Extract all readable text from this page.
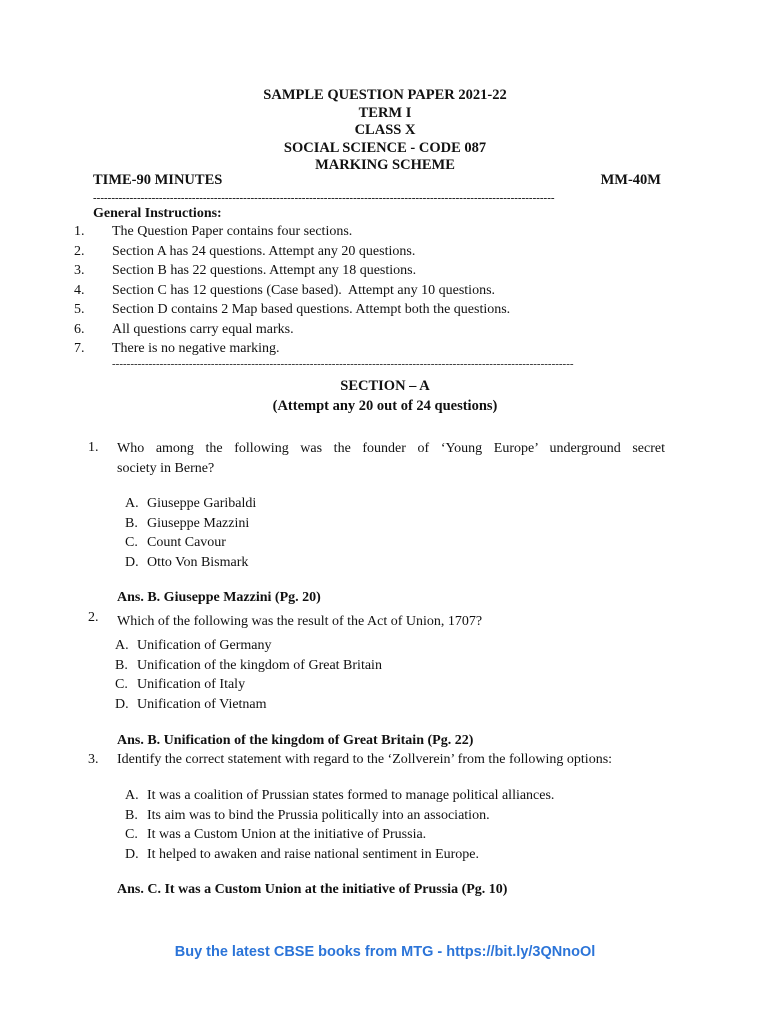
SAMPLE QUESTION PAPER 2021-22
TERM I
CLASS X
SOCIAL SCIENCE - CODE 087
MARKING SCHEME
TIME-90 MINUTES	MM-40M
------------------------------------------------------------------------------------------------------------------------------
General Instructions:
1.	The Question Paper contains four sections.
2.	Section A has 24 questions. Attempt any 20 questions.
3.	Section B has 22 questions. Attempt any 18 questions.
4.	Section C has 12 questions (Case based).  Attempt any 10 questions.
5.	Section D contains 2 Map based questions. Attempt both the questions.
6.	All questions carry equal marks.
7.	There is no negative marking.
------------------------------------------------------------------------------------------------------------------------------
SECTION – A
(Attempt any 20 out of 24 questions)
1. Who among the following was the founder of ‘Young Europe’ underground secret
society in Berne?
A. Giuseppe Garibaldi
B. Giuseppe Mazzini
C. Count Cavour
D. Otto Von Bismark
Ans. B. Giuseppe Mazzini (Pg. 20)
2. Which of the following was the result of the Act of Union, 1707?
A. Unification of Germany
B. Unification of the kingdom of Great Britain
C. Unification of Italy
D. Unification of Vietnam
Ans. B. Unification of the kingdom of Great Britain (Pg. 22)
3. Identify the correct statement with regard to the ‘Zollverein’ from the following options:
A. It was a coalition of Prussian states formed to manage political alliances.
B. Its aim was to bind the Prussia politically into an association.
C. It was a Custom Union at the initiative of Prussia.
D. It helped to awaken and raise national sentiment in Europe.
Ans. C. It was a Custom Union at the initiative of Prussia (Pg. 10)
Buy the latest CBSE books from MTG - https://bit.ly/3QNnoOl
